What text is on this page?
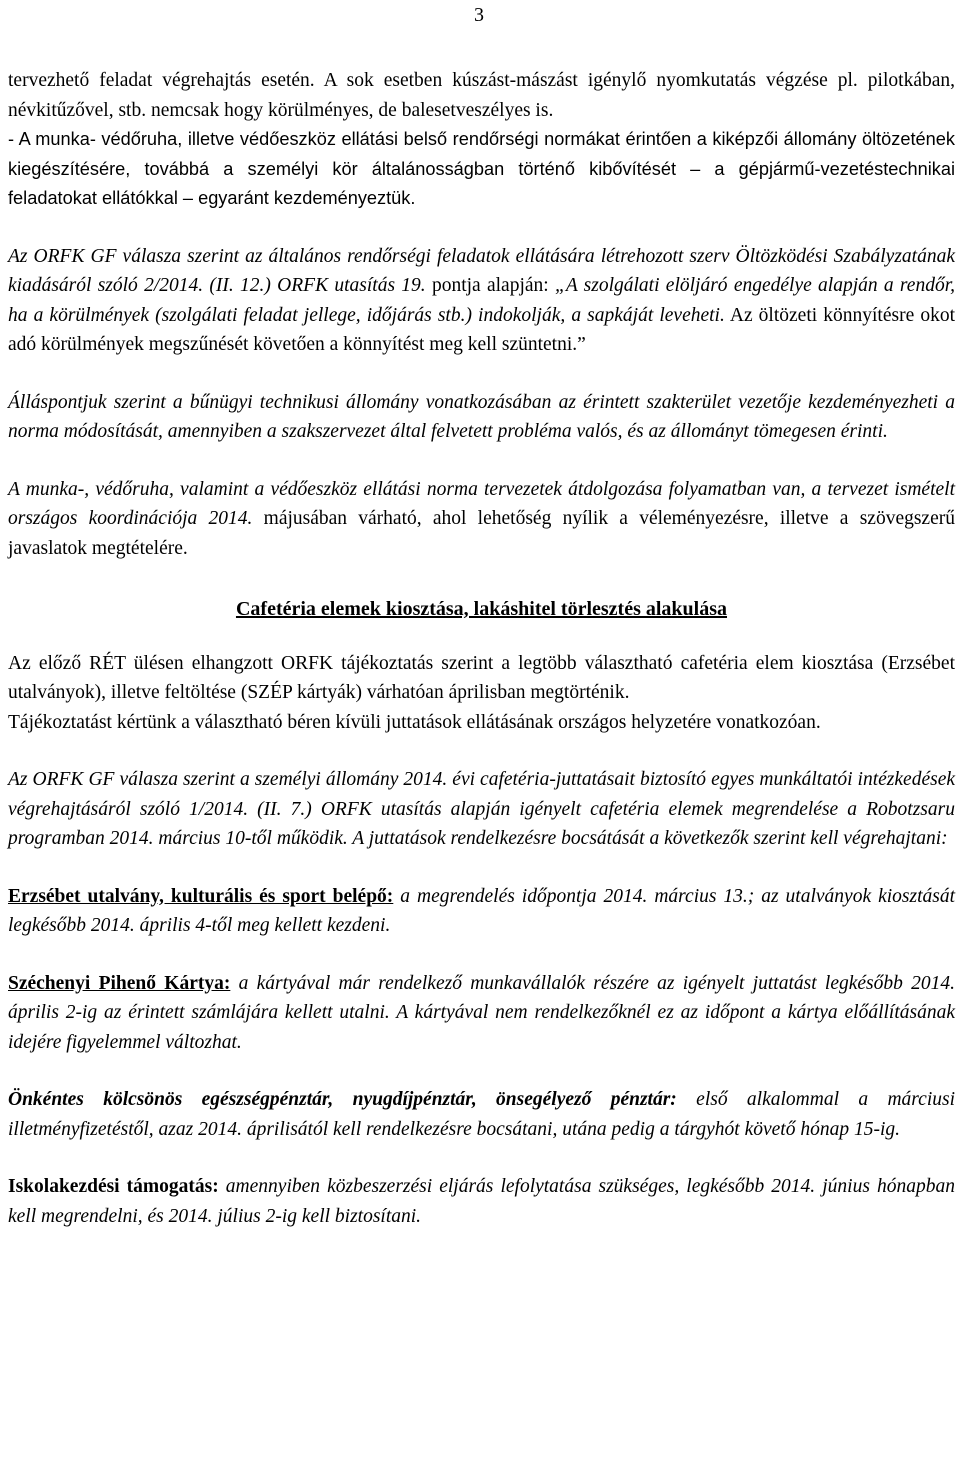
3

tervezhető feladat végrehajtás esetén. A sok esetben kúszást-mászást igénylő nyomkutatás végzése pl. pilotkában, névkitűzővel, stb. nemcsak hogy körülményes, de balesetveszélyes is.

- A munka- védőruha, illetve védőeszköz ellátási belső rendőrségi normákat érintően a kiképzői állomány öltözetének kiegészítésére, továbbá a személyi kör általánosságban történő kibővítését – a gépjármű-vezetéstechnikai feladatokat ellátókkal – egyaránt kezdeményeztük.

Az ORFK GF válasza szerint az általános rendőrségi feladatok ellátására létrehozott szerv Öltözködési Szabályzatának kiadásáról szóló 2/2014. (II. 12.) ORFK utasítás 19. pontja alapján: „A szolgálati elöljáró engedélye alapján a rendőr, ha a körülmények (szolgálati feladat jellege, időjárás stb.) indokolják, a sapkáját leveheti. Az öltözeti könnyítésre okot adó körülmények megszűnését követően a könnyítést meg kell szüntetni.”

Álláspontjuk szerint a bűnügyi technikusi állomány vonatkozásában az érintett szakterület vezetője kezdeményezheti a norma módosítását, amennyiben a szakszervezet által felvetett probléma valós, és az állományt tömegesen érinti.

A munka-, védőruha, valamint a védőeszköz ellátási norma tervezetek átdolgozása folyamatban van, a tervezet ismételt országos koordinációja 2014. májusában várható, ahol lehetőség nyílik a véleményezésre, illetve a szövegszerű javaslatok megtételére.

Cafetéria elemek kiosztása, lakáshitel törlesztés alakulása

Az előző RÉT ülésen elhangzott ORFK tájékoztatás szerint a legtöbb választható cafetéria elem kiosztása (Erzsébet utalványok), illetve feltöltése (SZÉP kártyák) várhatóan áprilisban megtörténik.

Tájékoztatást kértünk a választható béren kívüli juttatások ellátásának országos helyzetére vonatkozóan.

Az ORFK GF válasza szerint a személyi állomány 2014. évi cafetéria-juttatásait biztosító egyes munkáltatói intézkedések végrehajtásáról szóló 1/2014. (II. 7.) ORFK utasítás alapján igényelt cafetéria elemek megrendelése a Robotzsaru programban 2014. március 10-től működik. A juttatások rendelkezésre bocsátását a következők szerint kell végrehajtani:

Erzsébet utalvány, kulturális és sport belépő: a megrendelés időpontja 2014. március 13.; az utalványok kiosztását legkésőbb 2014. április 4-től meg kellett kezdeni.

Széchenyi Pihenő Kártya: a kártyával már rendelkező munkavállalók részére az igényelt juttatást legkésőbb 2014. április 2-ig az érintett számlájára kellett utalni. A kártyával nem rendelkezőknél ez az időpont a kártya előállításának idejére figyelemmel változhat.

Önkéntes kölcsönös egészségpénztár, nyugdíjpénztár, önsegélyező pénztár: első alkalommal a márciusi illetményfizetéstől, azaz 2014. áprilisától kell rendelkezésre bocsátani, utána pedig a tárgyhót követő hónap 15-ig.

Iskolakezdési támogatás: amennyiben közbeszerzési eljárás lefolytatása szükséges, legkésőbb 2014. június hónapban kell megrendelni, és 2014. július 2-ig kell biztosítani.
